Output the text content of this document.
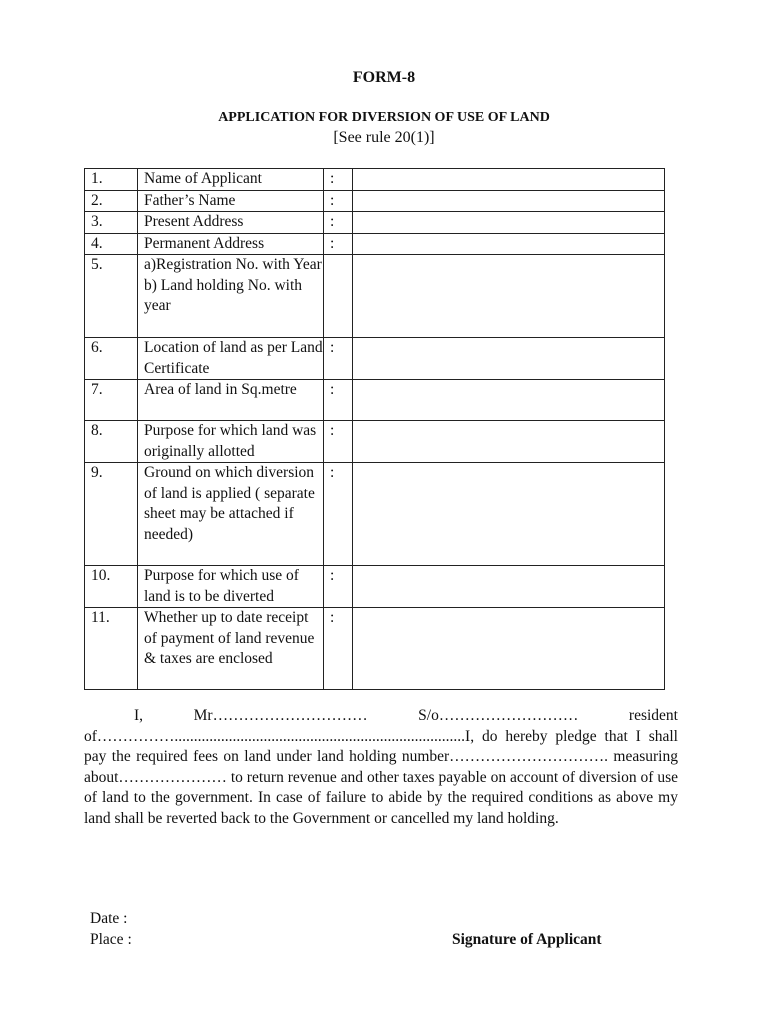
FORM-8
APPLICATION FOR DIVERSION OF USE OF LAND
[See rule 20(1)]
1.	Name of Applicant	:	
2.	Father’s Name	:	
3.	Present Address	:	
4.	Permanent Address	:	
5.	a)Registration No. with Year
b) Land holding No. with year		
6.	Location of land as per Land Certificate	:	
7.	Area of land in Sq.metre	:	
8.	Purpose for which land was originally allotted	:	
9.	Ground on which diversion of land is applied ( separate sheet may be attached if needed)	:	
10.	Purpose for which use of land is to be diverted	:	
11.	Whether up to date receipt of payment of land revenue & taxes are enclosed	:	

I, Mr………………………… S/o……………………… resident of……………...........................................................................I, do hereby pledge that I shall pay the required fees on land under land holding number…………………………. measuring about………………… to return revenue and other taxes payable on account of diversion of use of land to the government. In case of failure to abide by the required conditions as above my land shall be reverted back to the Government or cancelled my land holding.

Date :
Place :	Signature of Applicant
